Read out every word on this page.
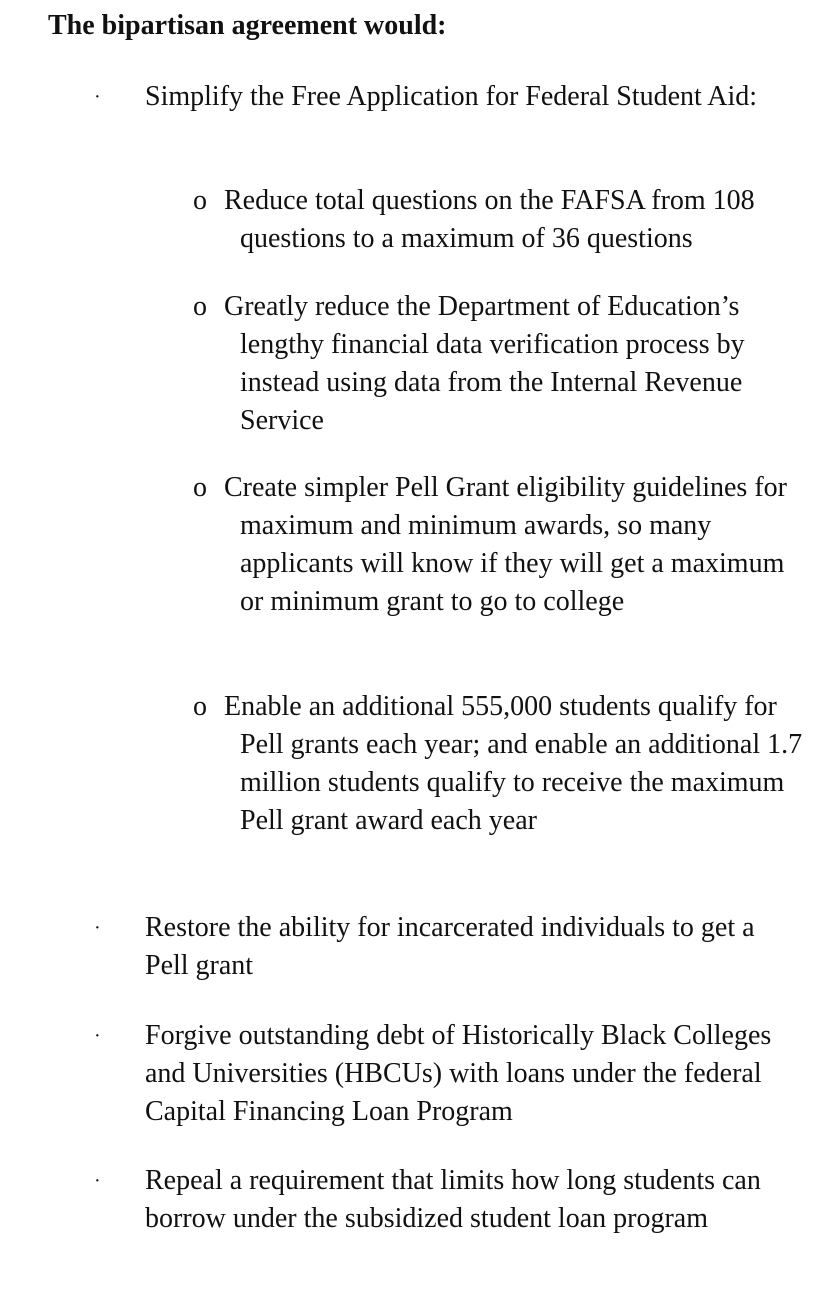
The bipartisan agreement would:
· Simplify the Free Application for Federal Student Aid:

o Reduce total questions on the FAFSA from 108 questions to a maximum of 36 questions

o Greatly reduce the Department of Education’s lengthy financial data verification process by instead using data from the Internal Revenue Service

o Create simpler Pell Grant eligibility guidelines for maximum and minimum awards, so many applicants will know if they will get a maximum or minimum grant to go to college

o Enable an additional 555,000 students qualify for Pell grants each year; and enable an additional 1.7 million students qualify to receive the maximum Pell grant award each year

· Restore the ability for incarcerated individuals to get a Pell grant

· Forgive outstanding debt of Historically Black Colleges and Universities (HBCUs) with loans under the federal Capital Financing Loan Program

· Repeal a requirement that limits how long students can borrow under the subsidized student loan program
